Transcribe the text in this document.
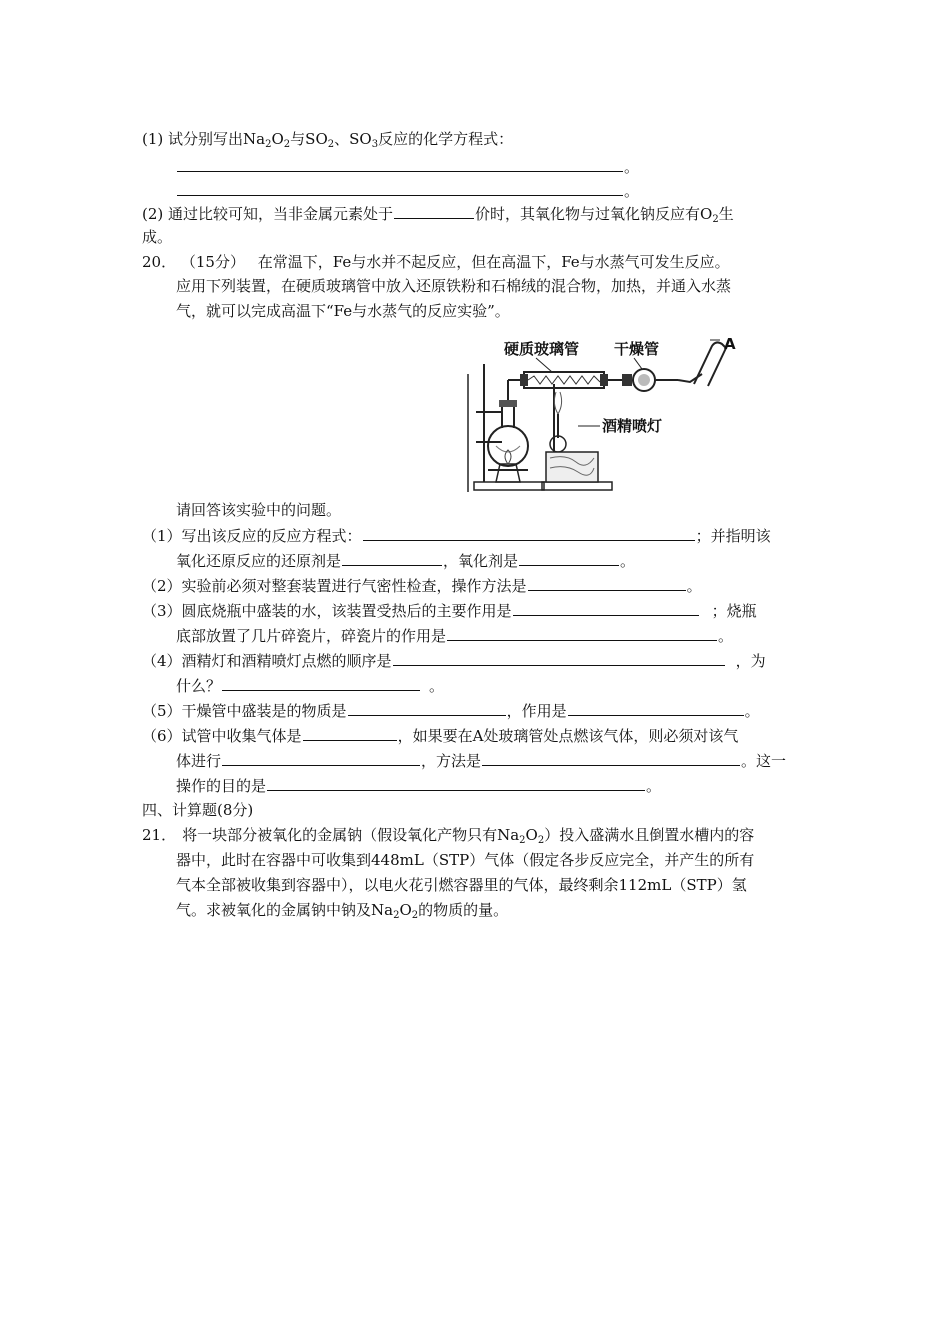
(1) 试分别写出$Na_2O_2$与$SO_2$、$SO_3$反应的化学方程式：
。
。
(2) 通过比较可知，当非金属元素处于	价时，其氧化物与过氧化钠反应有$O_2$生
成。
20． （15分） 在常温下，Fe与水并不起反应，但在高温下，Fe与水蒸气可发生反应。
应用下列装置，在硬质玻璃管中放入还原铁粉和石棉绒的混合物，加热，并通入水蒸
气，就可以完成高温下“Fe与水蒸气的反应实验”。
硬质玻璃管 干燥管	A
酒精喷灯
请回答该实验中的问题。
（1）写出该反应的反应方程式：	；并指明该
氧化还原反应的还原剂是	，氧化剂是	。
（2）实验前必须对整套装置进行气密性检查，操作方法是	。
（3）圆底烧瓶中盛装的水，该装置受热后的主要作用是	；烧瓶
底部放置了几片碎瓷片，碎瓷片的作用是	。
（4）酒精灯和酒精喷灯点燃的顺序是	，为
什么？	。
（5）干燥管中盛装是的物质是	，作用是	。
（6）试管中收集气体是	，如果要在A处玻璃管处点燃该气体，则必须对该气
体进行	，方法是	。这一
操作的目的是	。
四、计算题(8分)
21． 将一块部分被氧化的金属钠（假设氧化产物只有$Na_2O_2$）投入盛满水且倒置水槽内的容
器中，此时在容器中可收集到448mL（STP）气体（假定各步反应完全，并产生的所有
气本全部被收集到容器中），以电火花引燃容器里的气体，最终剩余112mL（STP）氢
气。求被氧化的金属钠中钠及$Na_2O_2$的物质的量。
